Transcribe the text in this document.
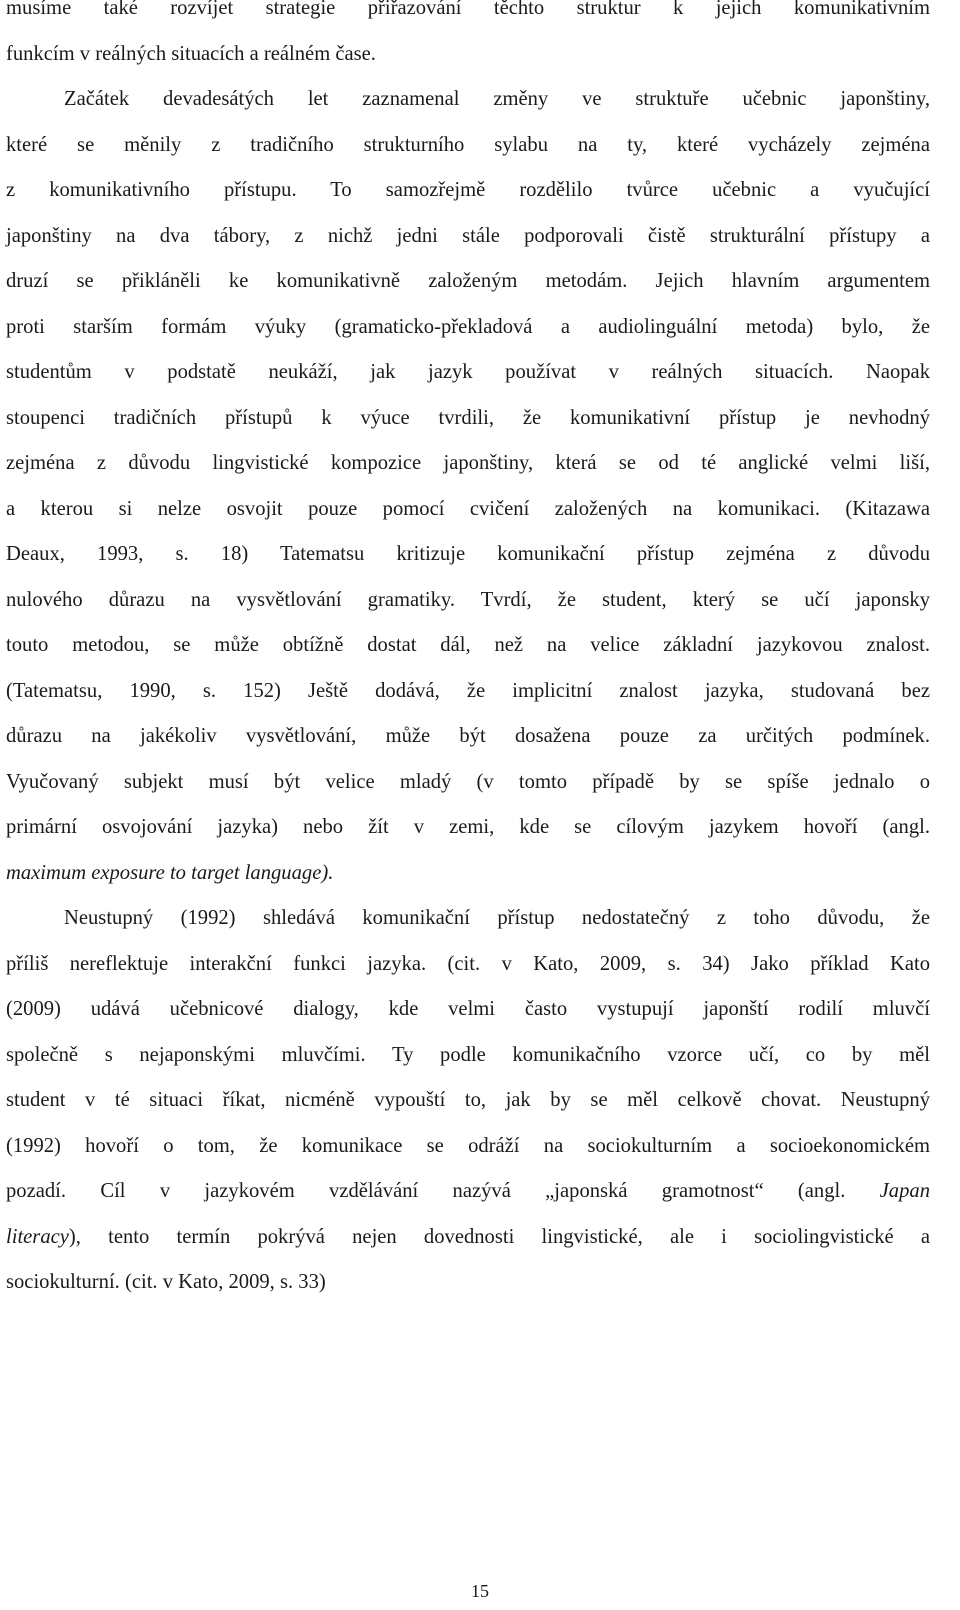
musíme také rozvíjet strategie přiřazování těchto struktur k jejich komunikativním
funkcím v reálných situacích a reálném čase.
Začátek devadesátých let zaznamenal změny ve struktuře učebnic japonštiny,
které se měnily z tradičního strukturního sylabu na ty, které vycházely zejména
z komunikativního přístupu. To samozřejmě rozdělilo tvůrce učebnic a vyučující
japonštiny na dva tábory, z nichž jedni stále podporovali čistě strukturální přístupy a
druzí se přikláněli ke komunikativně založeným metodám. Jejich hlavním argumentem
proti starším formám výuky (gramaticko-překladová a audiolinguální metoda) bylo, že
studentům v podstatě neukáží, jak jazyk používat v reálných situacích. Naopak
stoupenci tradičních přístupů k výuce tvrdili, že komunikativní přístup je nevhodný
zejména z důvodu lingvistické kompozice japonštiny, která se od té anglické velmi liší,
a kterou si nelze osvojit pouze pomocí cvičení založených na komunikaci. (Kitazawa
Deaux, 1993, s. 18) Tatematsu kritizuje komunikační přístup zejména z důvodu
nulového důrazu na vysvětlování gramatiky. Tvrdí, že student, který se učí japonsky
touto metodou, se může obtížně dostat dál, než na velice základní jazykovou znalost.
(Tatematsu, 1990, s. 152) Ještě dodává, že implicitní znalost jazyka, studovaná bez
důrazu na jakékoliv vysvětlování, může být dosažena pouze za určitých podmínek.
Vyučovaný subjekt musí být velice mladý (v tomto případě by se spíše jednalo o
primární osvojování jazyka) nebo žít v zemi, kde se cílovým jazykem hovoří (angl.
maximum exposure to target language).
Neustupný (1992) shledává komunikační přístup nedostatečný z toho důvodu, že
příliš nereflektuje interakční funkci jazyka. (cit. v Kato, 2009, s. 34) Jako příklad Kato
(2009) udává učebnicové dialogy, kde velmi často vystupují japonští rodilí mluvčí
společně s nejaponskými mluvčími. Ty podle komunikačního vzorce učí, co by měl
student v té situaci říkat, nicméně vypouští to, jak by se měl celkově chovat. Neustupný
(1992) hovoří o tom, že komunikace se odráží na sociokulturním a socioekonomickém
pozadí. Cíl v jazykovém vzdělávání nazývá „japonská gramotnost“ (angl. Japan
literacy), tento termín pokrývá nejen dovednosti lingvistické, ale i sociolingvistické a
sociokulturní. (cit. v Kato, 2009, s. 33)
15
